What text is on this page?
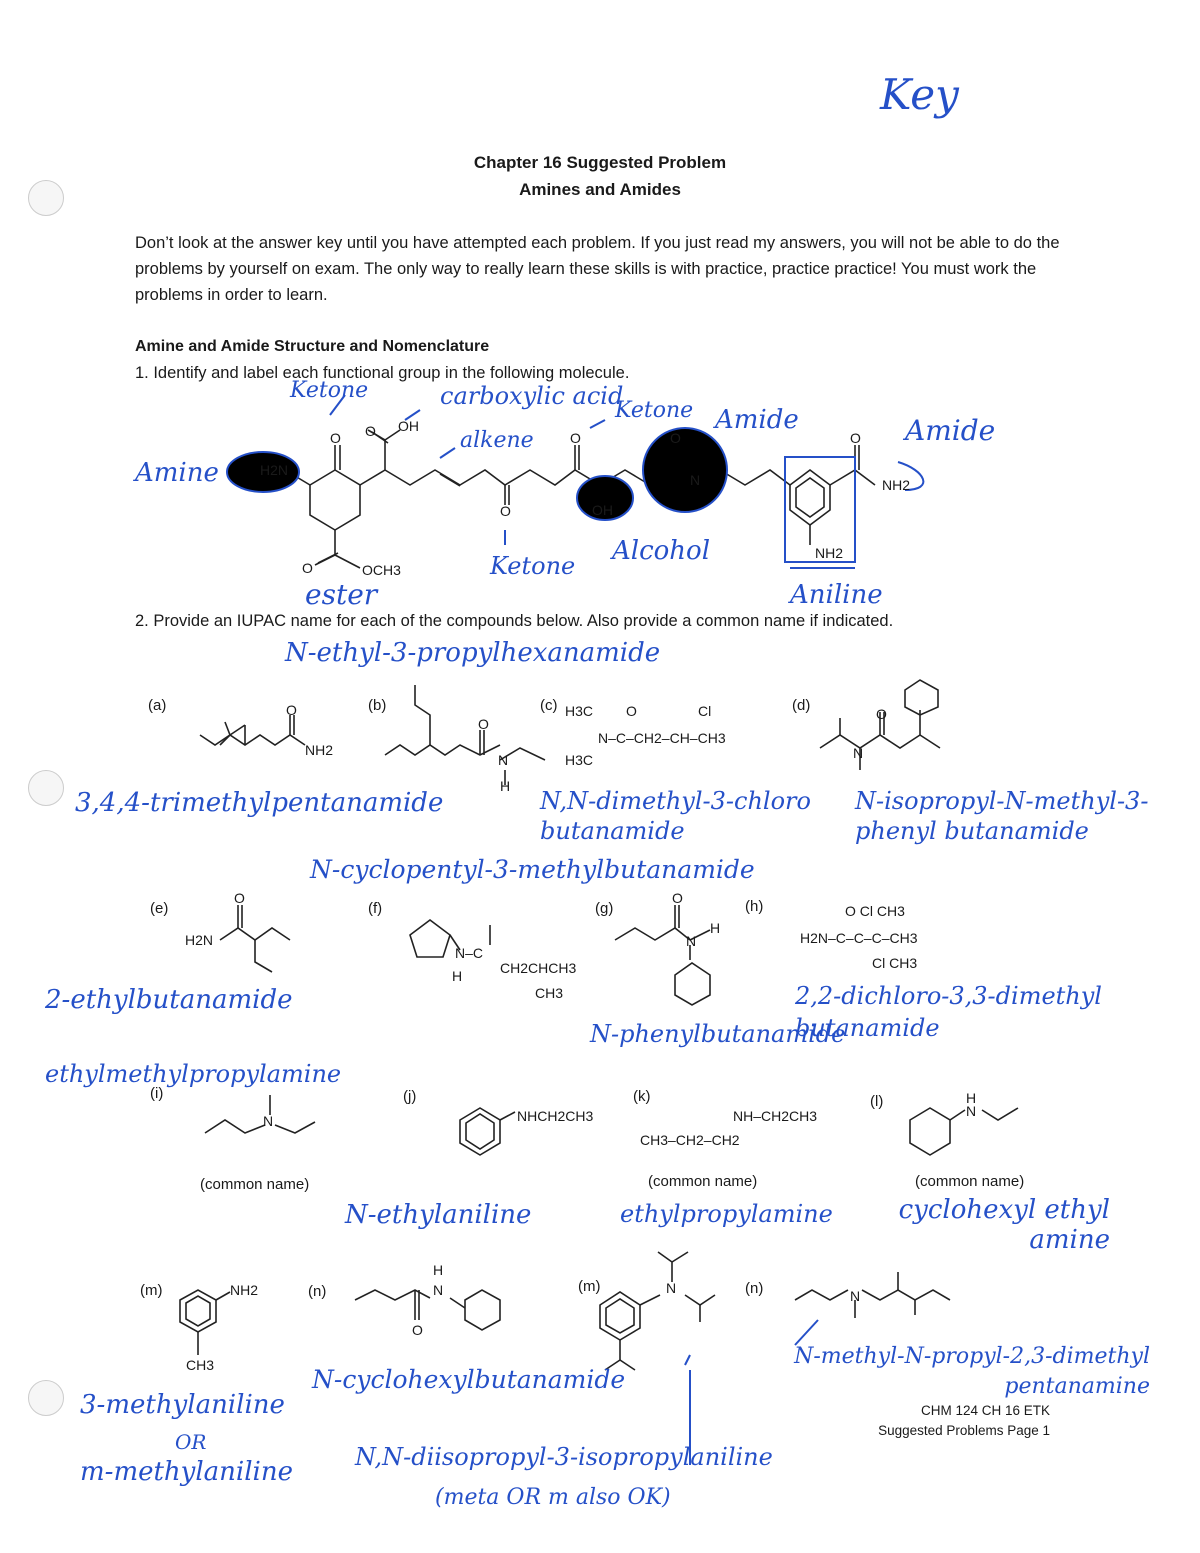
Key
Chapter 16 Suggested Problem
Amines and Amides
Don’t look at the answer key until you have attempted each problem. If you just read my answers, you will not be able to do the problems by yourself on exam. The only way to really learn these skills is with practice, practice practice! You must work the problems in order to learn.
Amine and Amide Structure and Nomenclature
1. Identify and label each functional group in the following molecule.
H2N
OH
O O
OCH3
O
O
O	O	O
OH
N
NH2
NH2
Ketone	carboxylic acid
Ketone
alkene
Amide	Amide
Amine
ester
Ketone Alcohol
Aniline
2. Provide an IUPAC name for each of the compounds below. Also provide a common name if indicated.
N-ethyl-3-propylhexanamide
(a)	(b)	(c)	(d)
NH2
N
H
O
O	H3C O	Cl
N–C–CH2–CH–CH3
H3C	N
O
3,4,4-trimethylpentanamide	N,N-dimethyl-3-chloro butanamide
N-isopropyl-N-methyl-3-phenyl butanamide
N-cyclopentyl-3-methylbutanamide
(e)	(f)	(g)	(h)
H2N
O
N–C
H	CH2CHCH3
CH3
N
H
O
O Cl CH3
H2N–C–C–C–CH3
Cl CH3
2-ethylbutanamide
N-phenylbutanamide
2,2-dichloro-3,3-dimethyl butanamide
ethylmethylpropylamine
(i)	(j)	(k)	(l)
N	NHCH2CH3	NH–CH2CH3
CH3–CH2–CH2
H
N
(common name)	(common name)	(common name)
N-ethylaniline	ethylpropylamine	cyclohexyl ethyl amine
(m)	(n)	(m)	(n)
NH2
CH3
H
N
O
N	N
3-methylaniline
OR
m-methylaniline
N-cyclohexylbutanamide
N,N-diisopropyl-3-isopropylaniline
(meta OR m also OK)
N-methyl-N-propyl-2,3-dimethyl pentanamine
CHM 124 CH 16 ETK
Suggested Problems Page 1
